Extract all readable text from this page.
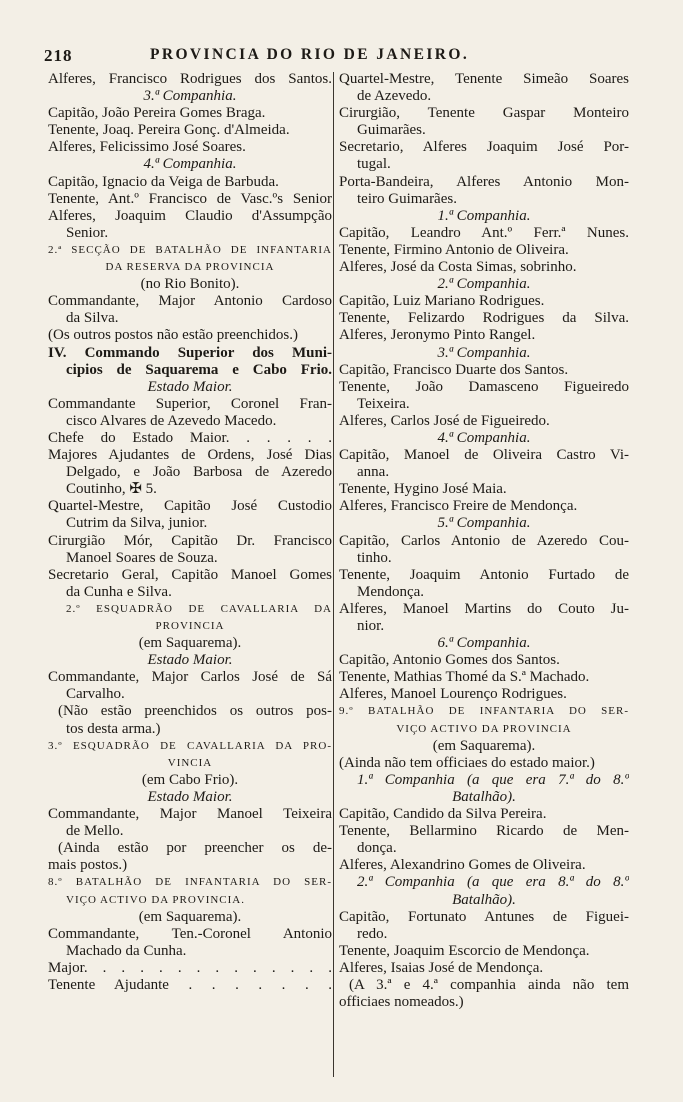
218	PROVINCIA DO RIO DE JANEIRO.
Alferes, Francisco Rodrigues dos Santos.
3.ª Companhia.
Capitão, João Pereira Gomes Braga.
Tenente, Joaq. Pereira Gonç. d'Almeida.
Alferes, Felicissimo José Soares.
4.ª Companhia.
Capitão, Ignacio da Veiga de Barbuda.
Tenente, Ant.º Francisco de Vasc.ºs Senior
Alferes, Joaquim Claudio d'Assumpção
Senior.
2.ª SECÇÃO DE BATALHÃO DE INFANTARIA
DA RESERVA DA PROVINCIA
(no Rio Bonito).
Commandante, Major Antonio Cardoso
da Silva.
(Os outros postos não estão preenchidos.)
IV. Commando Superior dos Muni-
cipios de Saquarema e Cabo Frio.
Estado Maior.
Commandante Superior, Coronel Fran-
cisco Alvares de Azevedo Macedo.
Chefe do Estado Maior. . . . . .
Majores Ajudantes de Ordens, José Dias
Delgado, e João Barbosa de Azeredo
Coutinho, ✠ 5.
Quartel-Mestre, Capitão José Custodio
Cutrim da Silva, junior.
Cirurgião Mór, Capitão Dr. Francisco
Manoel Soares de Souza.
Secretario Geral, Capitão Manoel Gomes
da Cunha e Silva.
2.º ESQUADRÃO DE CAVALLARIA DA
PROVINCIA
(em Saquarema).
Estado Maior.
Commandante, Major Carlos José de Sá
Carvalho.
(Não estão preenchidos os outros pos-
tos desta arma.)
3.º ESQUADRÃO DE CAVALLARIA DA PRO-
VINCIA
(em Cabo Frio).
Estado Maior.
Commandante, Major Manoel Teixeira
de Mello.
(Ainda estão por preencher os de-
mais postos.)
8.º BATALHÃO DE INFANTARIA DO SER-
VIÇO ACTIVO DA PROVINCIA.
(em Saquarema).
Commandante, Ten.-Coronel Antonio
Machado da Cunha.
Major. . . . . . . . . . . . . .
Tenente Ajudante . . . . . . .
Quartel-Mestre, Tenente Simeão Soares
de Azevedo.
Cirurgião, Tenente Gaspar Monteiro
Guimarães.
Secretario, Alferes Joaquim José Por-
tugal.
Porta-Bandeira, Alferes Antonio Mon-
teiro Guimarães.
1.ª Companhia.
Capitão, Leandro Ant.º Ferr.ª Nunes.
Tenente, Firmino Antonio de Oliveira.
Alferes, José da Costa Simas, sobrinho.
2.ª Companhia.
Capitão, Luiz Mariano Rodrigues.
Tenente, Felizardo Rodrigues da Silva.
Alferes, Jeronymo Pinto Rangel.
3.ª Companhia.
Capitão, Francisco Duarte dos Santos.
Tenente, João Damasceno Figueiredo
Teixeira.
Alferes, Carlos José de Figueiredo.
4.ª Companhia.
Capitão, Manoel de Oliveira Castro Vi-
anna.
Tenente, Hygino José Maia.
Alferes, Francisco Freire de Mendonça.
5.ª Companhia.
Capitão, Carlos Antonio de Azeredo Cou-
tinho.
Tenente, Joaquim Antonio Furtado de
Mendonça.
Alferes, Manoel Martins do Couto Ju-
nior.
6.ª Companhia.
Capitão, Antonio Gomes dos Santos.
Tenente, Mathias Thomé da S.ª Machado.
Alferes, Manoel Lourenço Rodrigues.
9.º BATALHÃO DE INFANTARIA DO SER-
VIÇO ACTIVO DA PROVINCIA
(em Saquarema).
(Ainda não tem officiaes do estado maior.)
1.ª Companhia (a que era 7.ª do 8.º
Batalhão).
Capitão, Candido da Silva Pereira.
Tenente, Bellarmino Ricardo de Men-
donça.
Alferes, Alexandrino Gomes de Oliveira.
2.ª Companhia (a que era 8.ª do 8.º
Batalhão).
Capitão, Fortunato Antunes de Figuei-
redo.
Tenente, Joaquim Escorcio de Mendonça.
Alferes, Isaias José de Mendonça.
(A 3.ª e 4.ª companhia ainda não tem
officiaes nomeados.)
